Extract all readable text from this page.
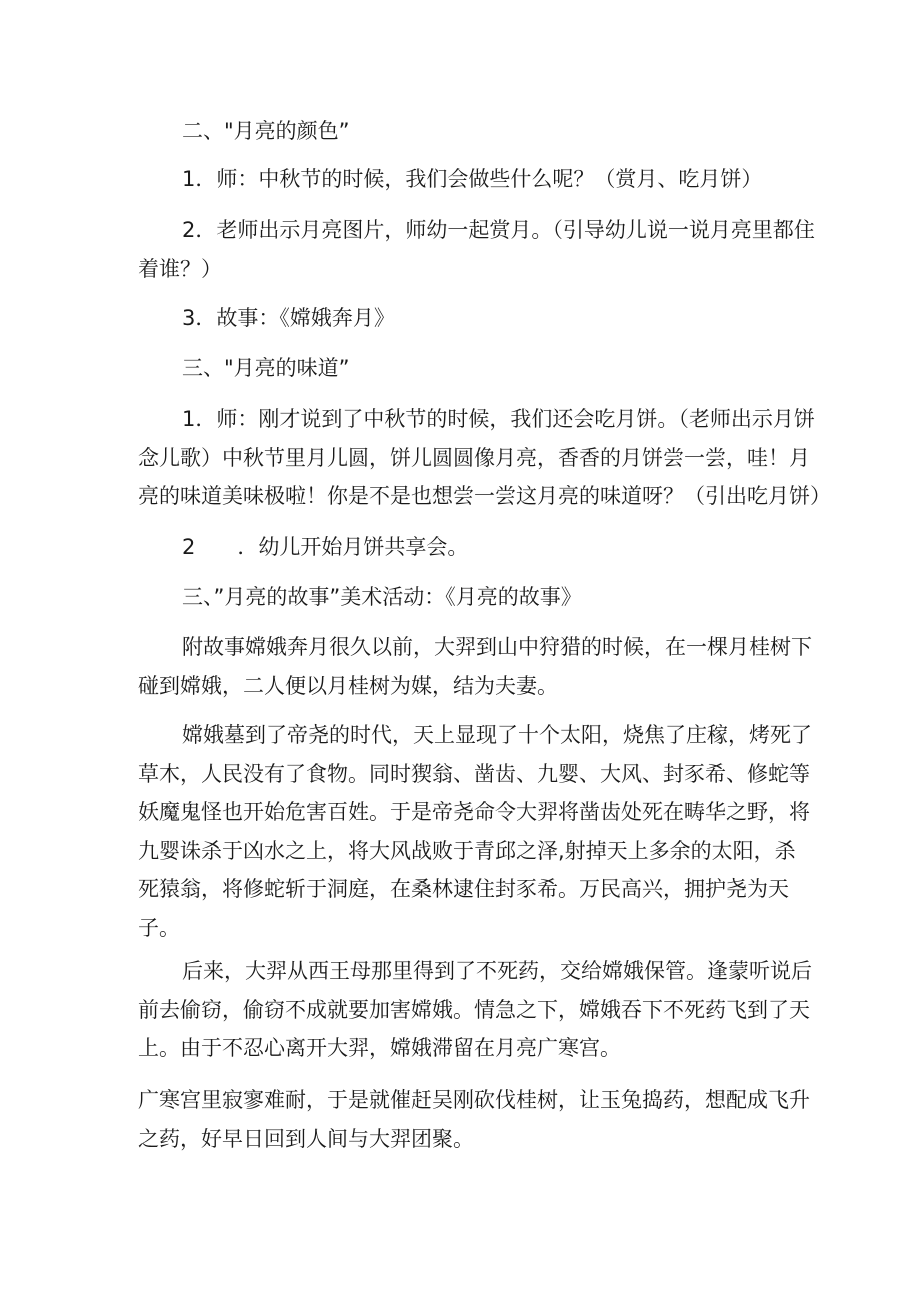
二、"月亮的颜色”

1．师：中秋节的时候，我们会做些什么呢？（赏月、吃月饼）

2．老师出示月亮图片，师幼一起赏月。（引导幼儿说一说月亮里都住
着谁？）

3．故事：《嫦娥奔月》

三、"月亮的味道”

1．师：刚才说到了中秋节的时候，我们还会吃月饼。（老师出示月饼
念儿歌）中秋节里月儿圆，饼儿圆圆像月亮，香香的月饼尝一尝，哇！月
亮的味道美味极啦！你是不是也想尝一尝这月亮的味道呀？（引出吃月饼）

2　　．幼儿开始月饼共享会。

三、”月亮的故事”美术活动：《月亮的故事》

附故事嫦娥奔月很久以前，大羿到山中狩猎的时候，在一棵月桂树下
碰到嫦娥，二人便以月桂树为媒，结为夫妻。

嫦娥墓到了帝尧的时代，天上显现了十个太阳，烧焦了庄稼，烤死了
草木，人民没有了食物。同时猰翁、凿齿、九婴、大风、封豕希、修蛇等
妖魔鬼怪也开始危害百姓。于是帝尧命令大羿将凿齿处死在畴华之野，将
九婴诛杀于凶水之上，将大风战败于青邱之泽,射掉天上多余的太阳，杀
死猿翁，将修蛇斩于洞庭，在桑林逮住封豕希。万民高兴，拥护尧为天
子。

后来，大羿从西王母那里得到了不死药，交给嫦娥保管。逢蒙听说后
前去偷窃，偷窃不成就要加害嫦娥。情急之下，嫦娥吞下不死药飞到了天
上。由于不忍心离开大羿，嫦娥滞留在月亮广寒宫。

广寒宫里寂寥难耐，于是就催赶吴刚砍伐桂树，让玉兔捣药，想配成飞升
之药，好早日回到人间与大羿团聚。
